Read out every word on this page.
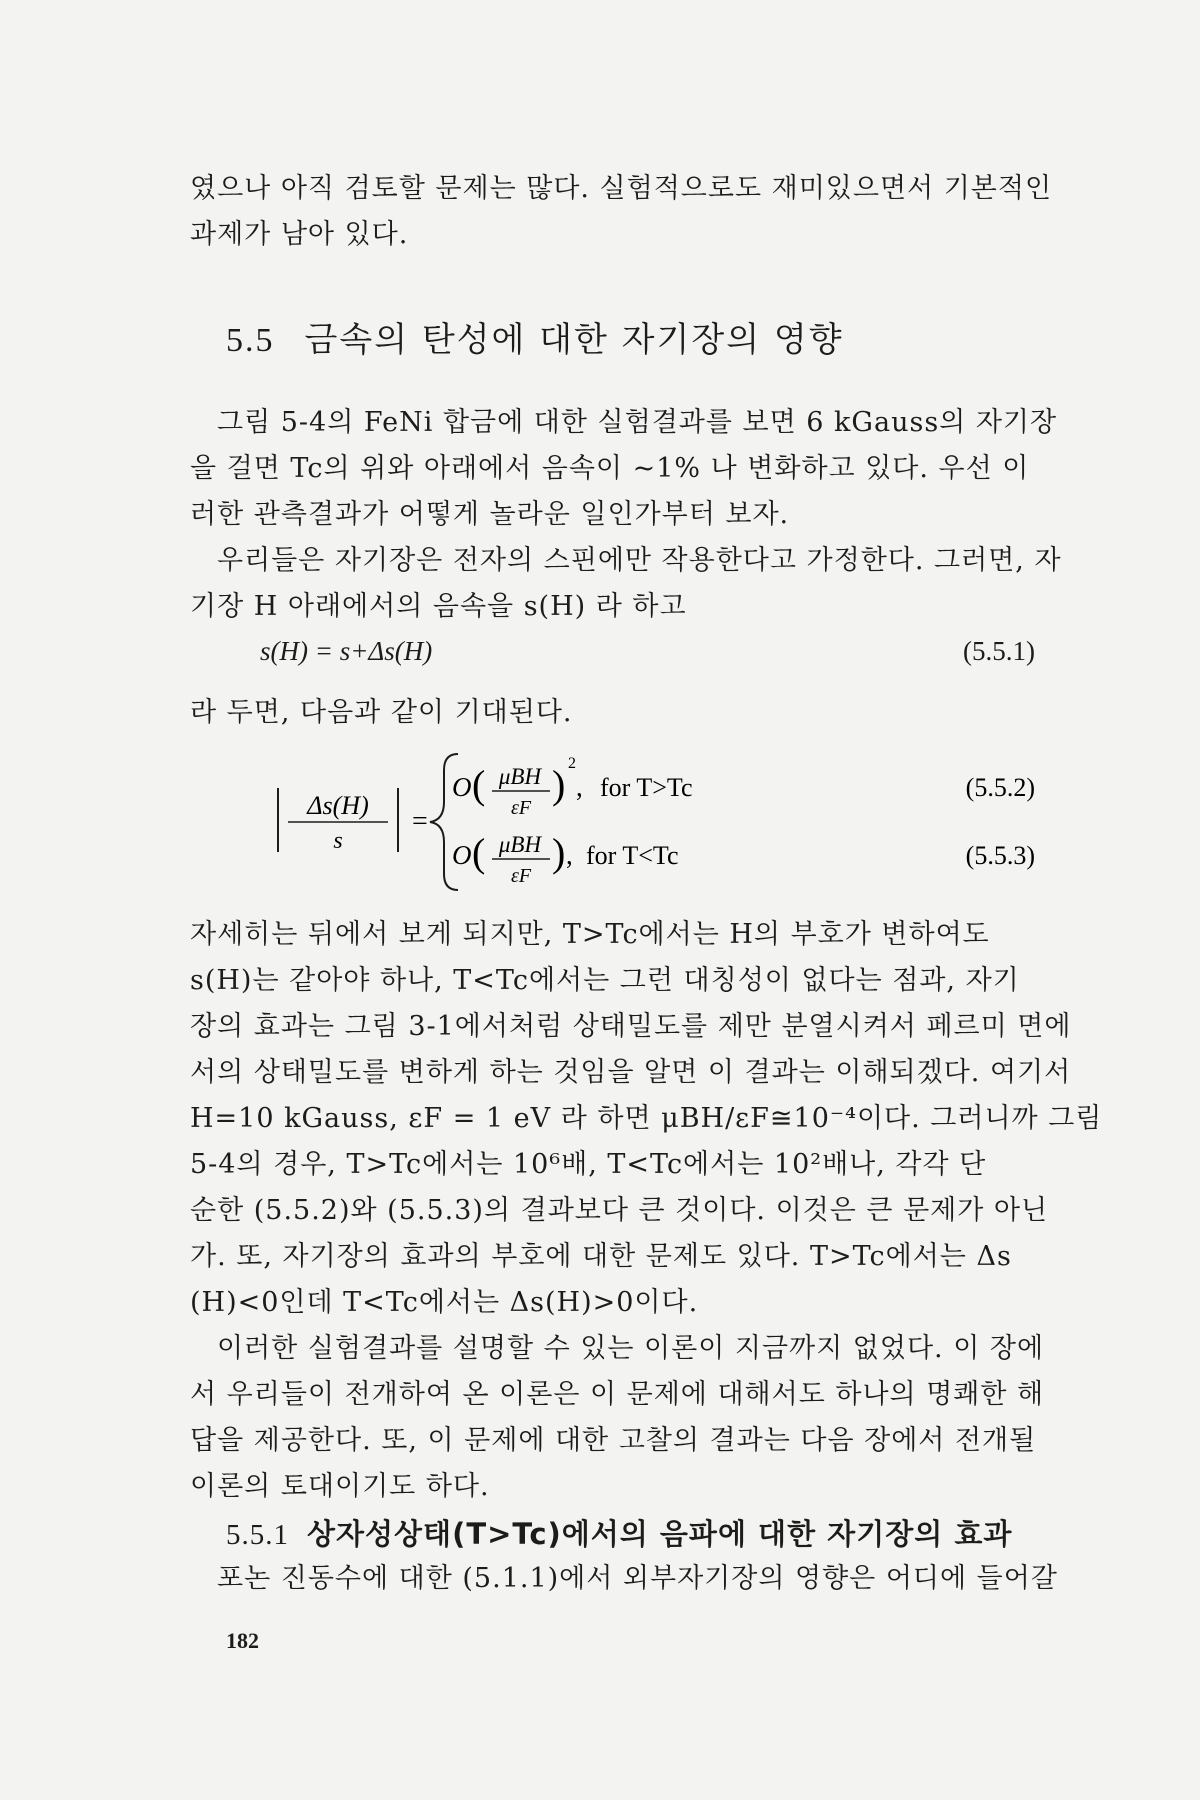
였으나 아직 검토할 문제는 많다. 실험적으로도 재미있으면서 기본적인
과제가 남아 있다.

5.5 금속의 탄성에 대한 자기장의 영향

그림 5-4의 FeNi 합금에 대한 실험결과를 보면 6 kGauss의 자기장
을 걸면 Tc의 위와 아래에서 음속이 ~1% 나 변화하고 있다. 우선 이
러한 관측결과가 어떻게 놀라운 일인가부터 보자.

우리들은 자기장은 전자의 스핀에만 작용한다고 가정한다. 그러면, 자
기장 H 아래에서의 음속을 s(H) 라 하고

s(H) = s+Δs(H)	(5.5.1)

라 두면, 다음과 같이 기대된다.

Δs(H)
s
=
O ( μBH
εF
) 2
, for T>Tc	(5.5.2)
O ( μBH
εF
) , for T<Tc	(5.5.3)

자세히는 뒤에서 보게 되지만, T>Tc에서는 H의 부호가 변하여도
s(H)는 같아야 하나, T<Tc에서는 그런 대칭성이 없다는 점과, 자기
장의 효과는 그림 3-1에서처럼 상태밀도를 제만 분열시켜서 페르미 면에
서의 상태밀도를 변하게 하는 것임을 알면 이 결과는 이해되겠다. 여기서
H=10 kGauss, εF = 1 eV 라 하면 μBH/εF≅10⁻⁴이다. 그러니까 그림
5-4의 경우, T>Tc에서는 10⁶배, T<Tc에서는 10²배나, 각각 단
순한 (5.5.2)와 (5.5.3)의 결과보다 큰 것이다. 이것은 큰 문제가 아닌
가. 또, 자기장의 효과의 부호에 대한 문제도 있다. T>Tc에서는 Δs
(H)<0인데 T<Tc에서는 Δs(H)>0이다.

이러한 실험결과를 설명할 수 있는 이론이 지금까지 없었다. 이 장에
서 우리들이 전개하여 온 이론은 이 문제에 대해서도 하나의 명쾌한 해
답을 제공한다. 또, 이 문제에 대한 고찰의 결과는 다음 장에서 전개될
이론의 토대이기도 하다.

5.5.1 상자성상태(T>Tc)에서의 음파에 대한 자기장의 효과

포논 진동수에 대한 (5.1.1)에서 외부자기장의 영향은 어디에 들어갈

182
